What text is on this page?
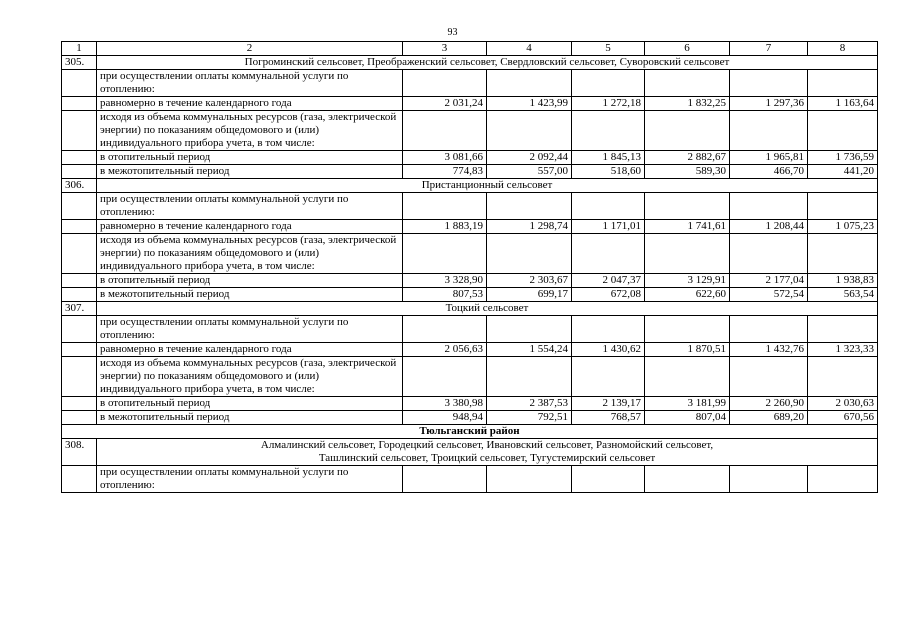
93
1	2	3	4	5	6	7	8
305.	Погроминский сельсовет, Преображенский сельсовет, Свердловский сельсовет, Суворовский сельсовет						
	при осуществлении оплаты коммунальной услуги по отоплению:						
	равномерно в течение календарного года	2 031,24	1 423,99	1 272,18	1 832,25	1 297,36	1 163,64
	исходя из объема коммунальных ресурсов (газа, электрической энергии) по показаниям общедомового и (или) индивидуального прибора учета, в том числе:						
	в отопительный период	3 081,66	2 092,44	1 845,13	2 882,67	1 965,81	1 736,59
	в межотопительный период	774,83	557,00	518,60	589,30	466,70	441,20
306.	Пристанционный сельсовет						
	при осуществлении оплаты коммунальной услуги по отоплению:						
	равномерно в течение календарного года	1 883,19	1 298,74	1 171,01	1 741,61	1 208,44	1 075,23
	исходя из объема коммунальных ресурсов (газа, электрической энергии) по показаниям общедомового и (или) индивидуального прибора учета, в том числе:						
	в отопительный период	3 328,90	2 303,67	2 047,37	3 129,91	2 177,04	1 938,83
	в межотопительный период	807,53	699,17	672,08	622,60	572,54	563,54
307.	Тоцкий сельсовет						
	при осуществлении оплаты коммунальной услуги по отоплению:						
	равномерно в течение календарного года	2 056,63	1 554,24	1 430,62	1 870,51	1 432,76	1 323,33
	исходя из объема коммунальных ресурсов (газа, электрической энергии) по показаниям общедомового и (или) индивидуального прибора учета, в том числе:						
	в отопительный период	3 380,98	2 387,53	2 139,17	3 181,99	2 260,90	2 030,63
	в межотопительный период	948,94	792,51	768,57	807,04	689,20	670,56
Тюльганский район							
308.	Алмалинский сельсовет, Городецкий сельсовет, Ивановский сельсовет, Разномойский сельсовет,
Ташлинский сельсовет, Троицкий сельсовет, Тугустемирский сельсовет						

	при осуществлении оплаты коммунальной услуги по отоплению:						
